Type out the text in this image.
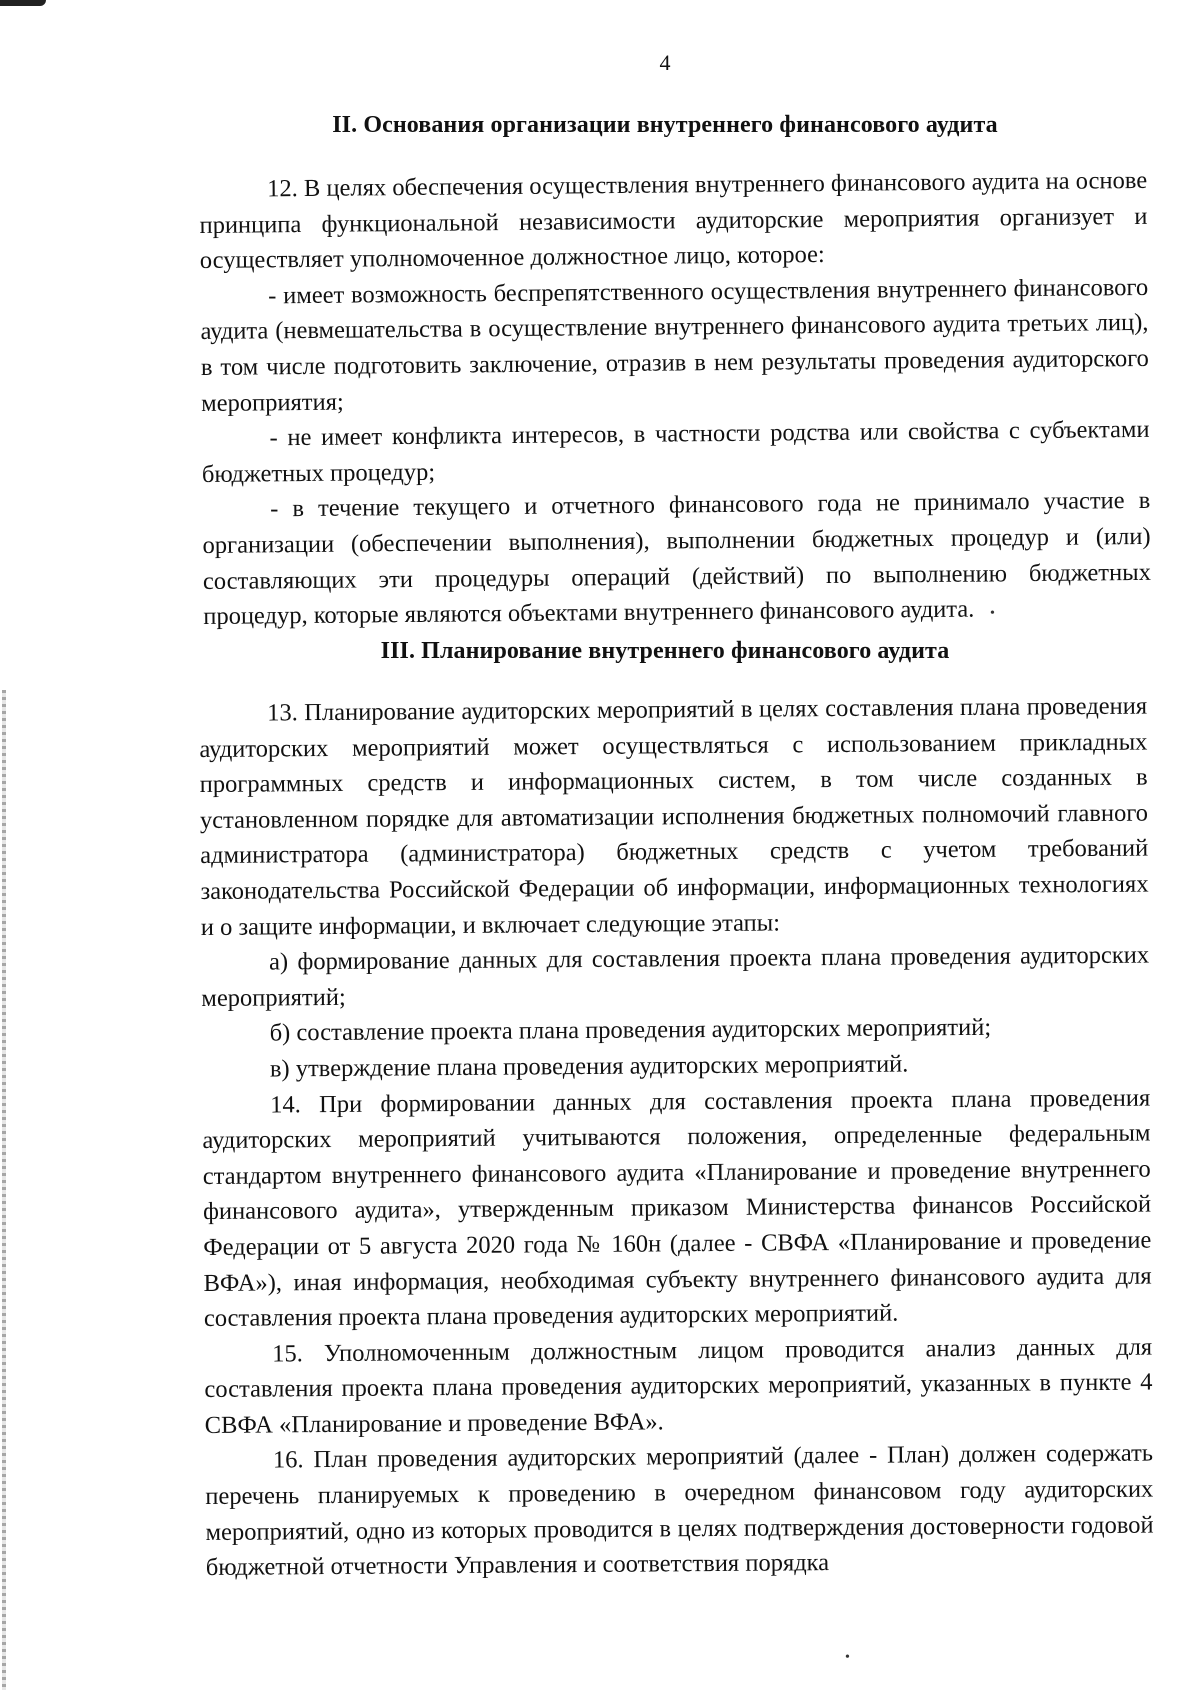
4
II. Основания организации внутреннего финансового аудита

12. В целях обеспечения осуществления внутреннего финансового аудита на основе принципа функциональной независимости аудиторские мероприятия организует и осуществляет уполномоченное должностное лицо, которое:

- имеет возможность беспрепятственного осуществления внутреннего финансового аудита (невмешательства в осуществление внутреннего финансового аудита третьих лиц), в том числе подготовить заключение, отразив в нем результаты проведения аудиторского мероприятия;

- не имеет конфликта интересов, в частности родства или свойства с субъектами бюджетных процедур;

- в течение текущего и отчетного финансового года не принимало участие в организации (обеспечении выполнения), выполнении бюджетных процедур и (или) составляющих эти процедуры операций (действий) по выполнению бюджетных процедур, которые являются объектами внутреннего финансового аудита.

III. Планирование внутреннего финансового аудита

13. Планирование аудиторских мероприятий в целях составления плана проведения аудиторских мероприятий может осуществляться с использованием прикладных программных средств и информационных систем, в том числе созданных в установленном порядке для автоматизации исполнения бюджетных полномочий главного администратора (администратора) бюджетных средств с учетом требований законодательства Российской Федерации об информации, информационных технологиях и о защите информации, и включает следующие этапы:

а) формирование данных для составления проекта плана проведения аудиторских мероприятий;

б) составление проекта плана проведения аудиторских мероприятий;

в) утверждение плана проведения аудиторских мероприятий.

14. При формировании данных для составления проекта плана проведения аудиторских мероприятий учитываются положения, определенные федеральным стандартом внутреннего финансового аудита «Планирование и проведение внутреннего финансового аудита», утвержденным приказом Министерства финансов Российской Федерации от 5 августа 2020 года № 160н (далее - СВФА «Планирование и проведение ВФА»), иная информация, необходимая субъекту внутреннего финансового аудита для составления проекта плана проведения аудиторских мероприятий.

15. Уполномоченным должностным лицом проводится анализ данных для составления проекта плана проведения аудиторских мероприятий, указанных в пункте 4 СВФА «Планирование и проведение ВФА».

16. План проведения аудиторских мероприятий (далее - План) должен содержать перечень планируемых к проведению в очередном финансовом году аудиторских мероприятий, одно из которых проводится в целях подтверждения достоверности годовой бюджетной отчетности Управления и соответствия порядка

•
•
